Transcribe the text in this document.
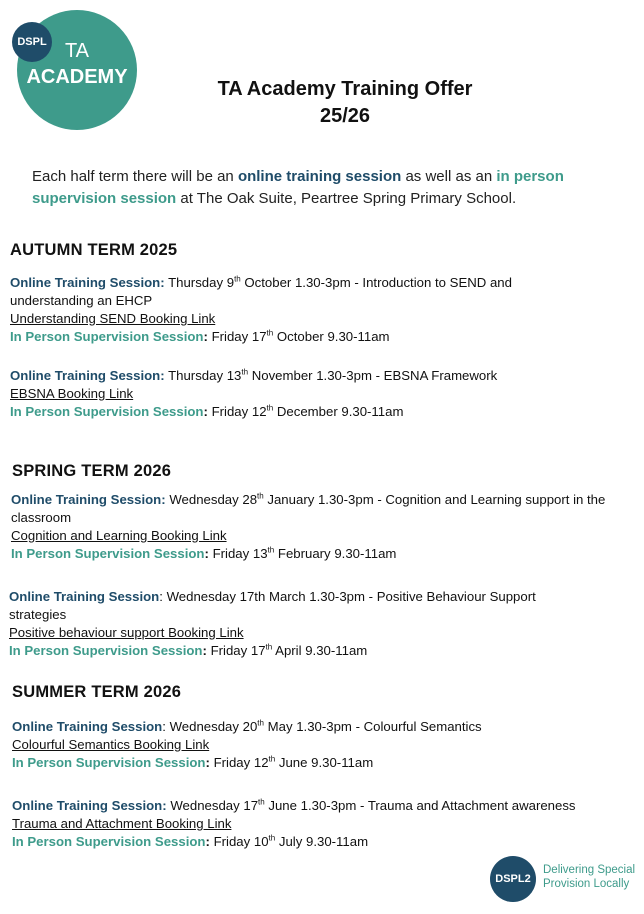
TA
ACADEMY
DSPL
TA Academy Training Offer
25/26
Each half term there will be an online training session as well as an in person supervision session at The Oak Suite, Peartree Spring Primary School.
AUTUMN TERM 2025

Online Training Session: Thursday 9th October 1.30-3pm - Introduction to SEND and understanding an EHCP

Understanding SEND Booking Link

In Person Supervision Session: Friday 17th October 9.30-11am

Online Training Session: Thursday 13th November 1.30-3pm - EBSNA Framework

EBSNA Booking Link

In Person Supervision Session: Friday 12th December 9.30-11am

SPRING TERM 2026

Online Training Session: Wednesday 28th January 1.30-3pm - Cognition and Learning support in the classroom

Cognition and Learning Booking Link

In Person Supervision Session: Friday 13th February 9.30-11am

Online Training Session: Wednesday 17th March 1.30-3pm - Positive Behaviour Support strategies

Positive behaviour support Booking Link

In Person Supervision Session: Friday 17th April 9.30-11am

SUMMER TERM 2026

Online Training Session: Wednesday 20th May 1.30-3pm - Colourful Semantics

Colourful Semantics Booking Link

In Person Supervision Session: Friday 12th June 9.30-11am

Online Training Session: Wednesday 17th June 1.30-3pm - Trauma and Attachment awareness

Trauma and Attachment Booking Link

In Person Supervision Session: Friday 10th July 9.30-11am

DSPL2
Delivering Special
Provision Locally
